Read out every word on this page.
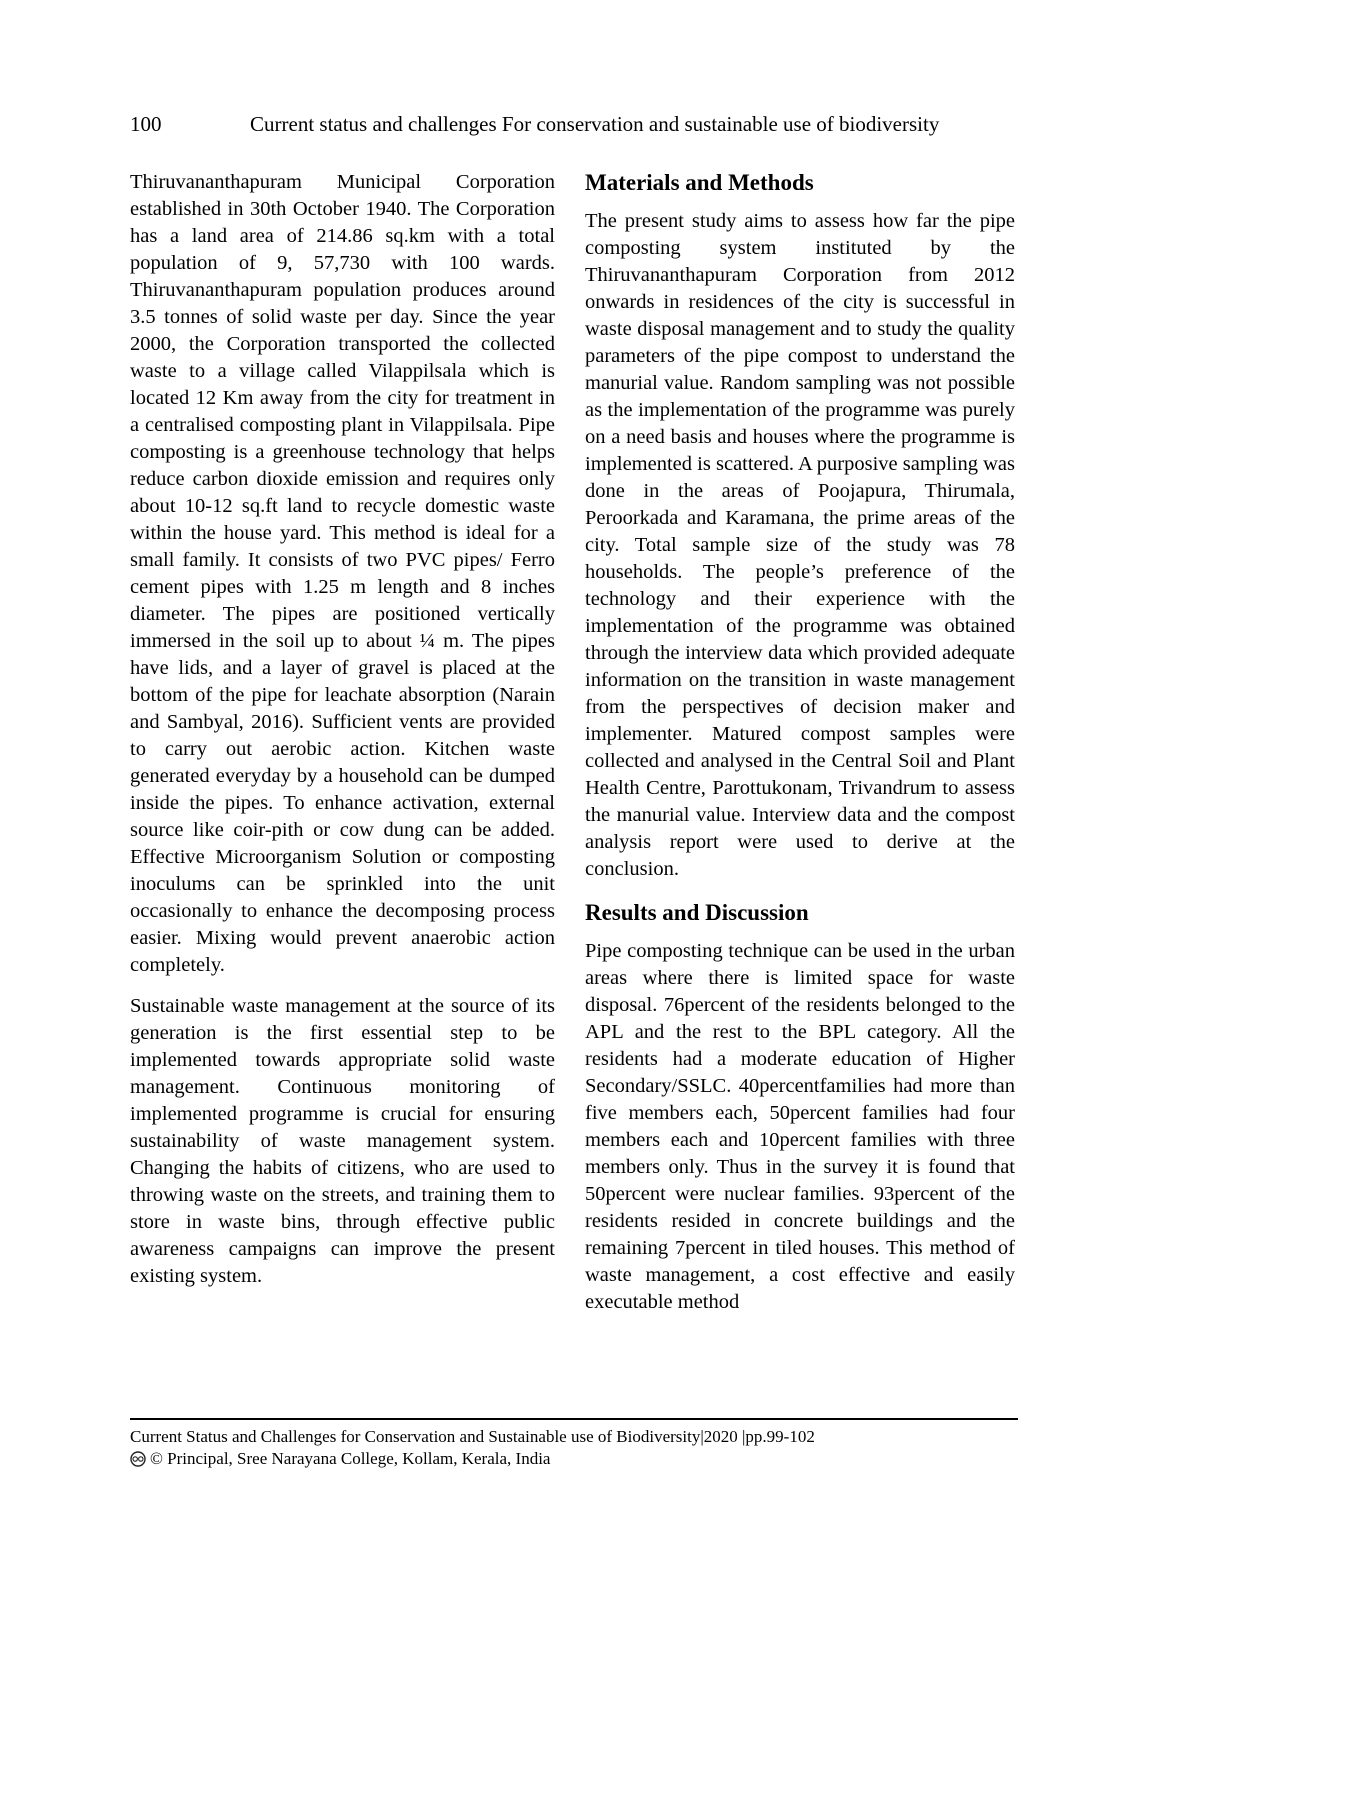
100	Current status and challenges For conservation and sustainable use of biodiversity

Thiruvananthapuram Municipal Corporation established in 30th October 1940. The Corporation has a land area of 214.86 sq.km with a total population of 9, 57,730 with 100 wards. Thiruvananthapuram population produces around 3.5 tonnes of solid waste per day. Since the year 2000, the Corporation transported the collected waste to a village called Vilappilsala which is located 12 Km away from the city for treatment in a centralised composting plant in Vilappilsala. Pipe composting is a greenhouse technology that helps reduce carbon dioxide emission and requires only about 10-12 sq.ft land to recycle domestic waste within the house yard. This method is ideal for a small family. It consists of two PVC pipes/ Ferro cement pipes with 1.25 m length and 8 inches diameter. The pipes are positioned vertically immersed in the soil up to about ¼ m. The pipes have lids, and a layer of gravel is placed at the bottom of the pipe for leachate absorption (Narain and Sambyal, 2016). Sufficient vents are provided to carry out aerobic action. Kitchen waste generated everyday by a household can be dumped inside the pipes. To enhance activation, external source like coir-pith or cow dung can be added. Effective Microorganism Solution or composting inoculums can be sprinkled into the unit occasionally to enhance the decomposing process easier. Mixing would prevent anaerobic action completely.

Sustainable waste management at the source of its generation is the first essential step to be implemented towards appropriate solid waste management. Continuous monitoring of implemented programme is crucial for ensuring sustainability of waste management system. Changing the habits of citizens, who are used to throwing waste on the streets, and training them to store in waste bins, through effective public awareness campaigns can improve the present existing system.

Materials and Methods

The present study aims to assess how far the pipe composting system instituted by the Thiruvananthapuram Corporation from 2012 onwards in residences of the city is successful in waste disposal management and to study the quality parameters of the pipe compost to understand the manurial value. Random sampling was not possible as the implementation of the programme was purely on a need basis and houses where the programme is implemented is scattered. A purposive sampling was done in the areas of Poojapura, Thirumala, Peroorkada and Karamana, the prime areas of the city. Total sample size of the study was 78 households. The people’s preference of the technology and their experience with the implementation of the programme was obtained through the interview data which provided adequate information on the transition in waste management from the perspectives of decision maker and implementer. Matured compost samples were collected and analysed in the Central Soil and Plant Health Centre, Parottukonam, Trivandrum to assess the manurial value. Interview data and the compost analysis report were used to derive at the conclusion.

Results and Discussion

Pipe composting technique can be used in the urban areas where there is limited space for waste disposal. 76percent of the residents belonged to the APL and the rest to the BPL category. All the residents had a moderate education of Higher Secondary/SSLC. 40percentfamilies had more than five members each, 50percent families had four members each and 10percent families with three members only. Thus in the survey it is found that 50percent were nuclear families. 93percent of the residents resided in concrete buildings and the remaining 7percent in tiled houses. This method of waste management, a cost effective and easily executable method

Current Status and Challenges for Conservation and Sustainable use of Biodiversity|2020 |pp.99-102
© Principal, Sree Narayana College, Kollam, Kerala, India
